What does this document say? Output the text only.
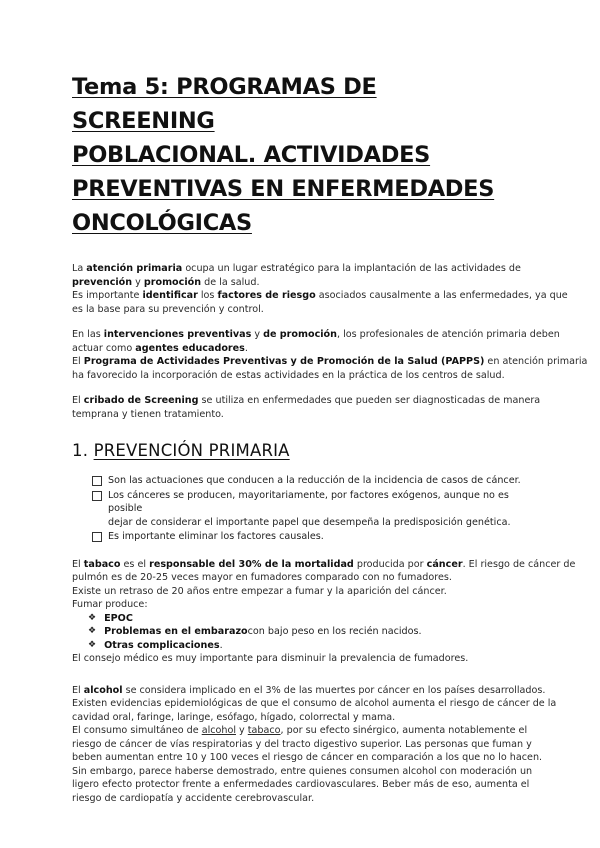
Tema 5: PROGRAMAS DE SCREENING
POBLACIONAL. ACTIVIDADES
PREVENTIVAS EN ENFERMEDADES
ONCOLÓGICAS
La atención primaria ocupa un lugar estratégico para la implantación de las actividades de
prevención y promoción de la salud.
Es importante identificar los factores de riesgo asociados causalmente a las enfermedades, ya que
es la base para su prevención y control.
En las intervenciones preventivas y de promoción, los profesionales de atención primaria deben
actuar como agentes educadores.
El Programa de Actividades Preventivas y de Promoción de la Salud (PAPPS) en atención primaria
ha favorecido la incorporación de estas actividades en la práctica de los centros de salud.
El cribado de Screening se utiliza en enfermedades que pueden ser diagnosticadas de manera
temprana y tienen tratamiento.
1. PREVENCIÓN PRIMARIA
Son las actuaciones que conducen a la reducción de la incidencia de casos de cáncer.
Los cánceres se producen, mayoritariamente, por factores exógenos, aunque no es posible
dejar de considerar el importante papel que desempeña la predisposición genética.
Es importante eliminar los factores causales.
El tabaco es el responsable del 30% de la mortalidad producida por cáncer. El riesgo de cáncer de
pulmón es de 20-25 veces mayor en fumadores comparado con no fumadores.
Existe un retraso de 20 años entre empezar a fumar y la aparición del cáncer.
Fumar produce:
❖ EPOC
❖ Problemas en el embarazo con bajo peso en los recién nacidos.
❖ Otras complicaciones .
El consejo médico es muy importante para disminuir la prevalencia de fumadores.
El alcohol se considera implicado en el 3% de las muertes por cáncer en los países desarrollados.
Existen evidencias epidemiológicas de que el consumo de alcohol aumenta el riesgo de cáncer de la
cavidad oral, faringe, laringe, esófago, hígado, colorrectal y mama.
El consumo simultáneo de alcohol y tabaco, por su efecto sinérgico, aumenta notablemente el
riesgo de cáncer de vías respiratorias y del tracto digestivo superior. Las personas que fuman y
beben aumentan entre 10 y 100 veces el riesgo de cáncer en comparación a los que no lo hacen.
Sin embargo, parece haberse demostrado, entre quienes consumen alcohol con moderación un
ligero efecto protector frente a enfermedades cardiovasculares. Beber más de eso, aumenta el
riesgo de cardiopatía y accidente cerebrovascular.
